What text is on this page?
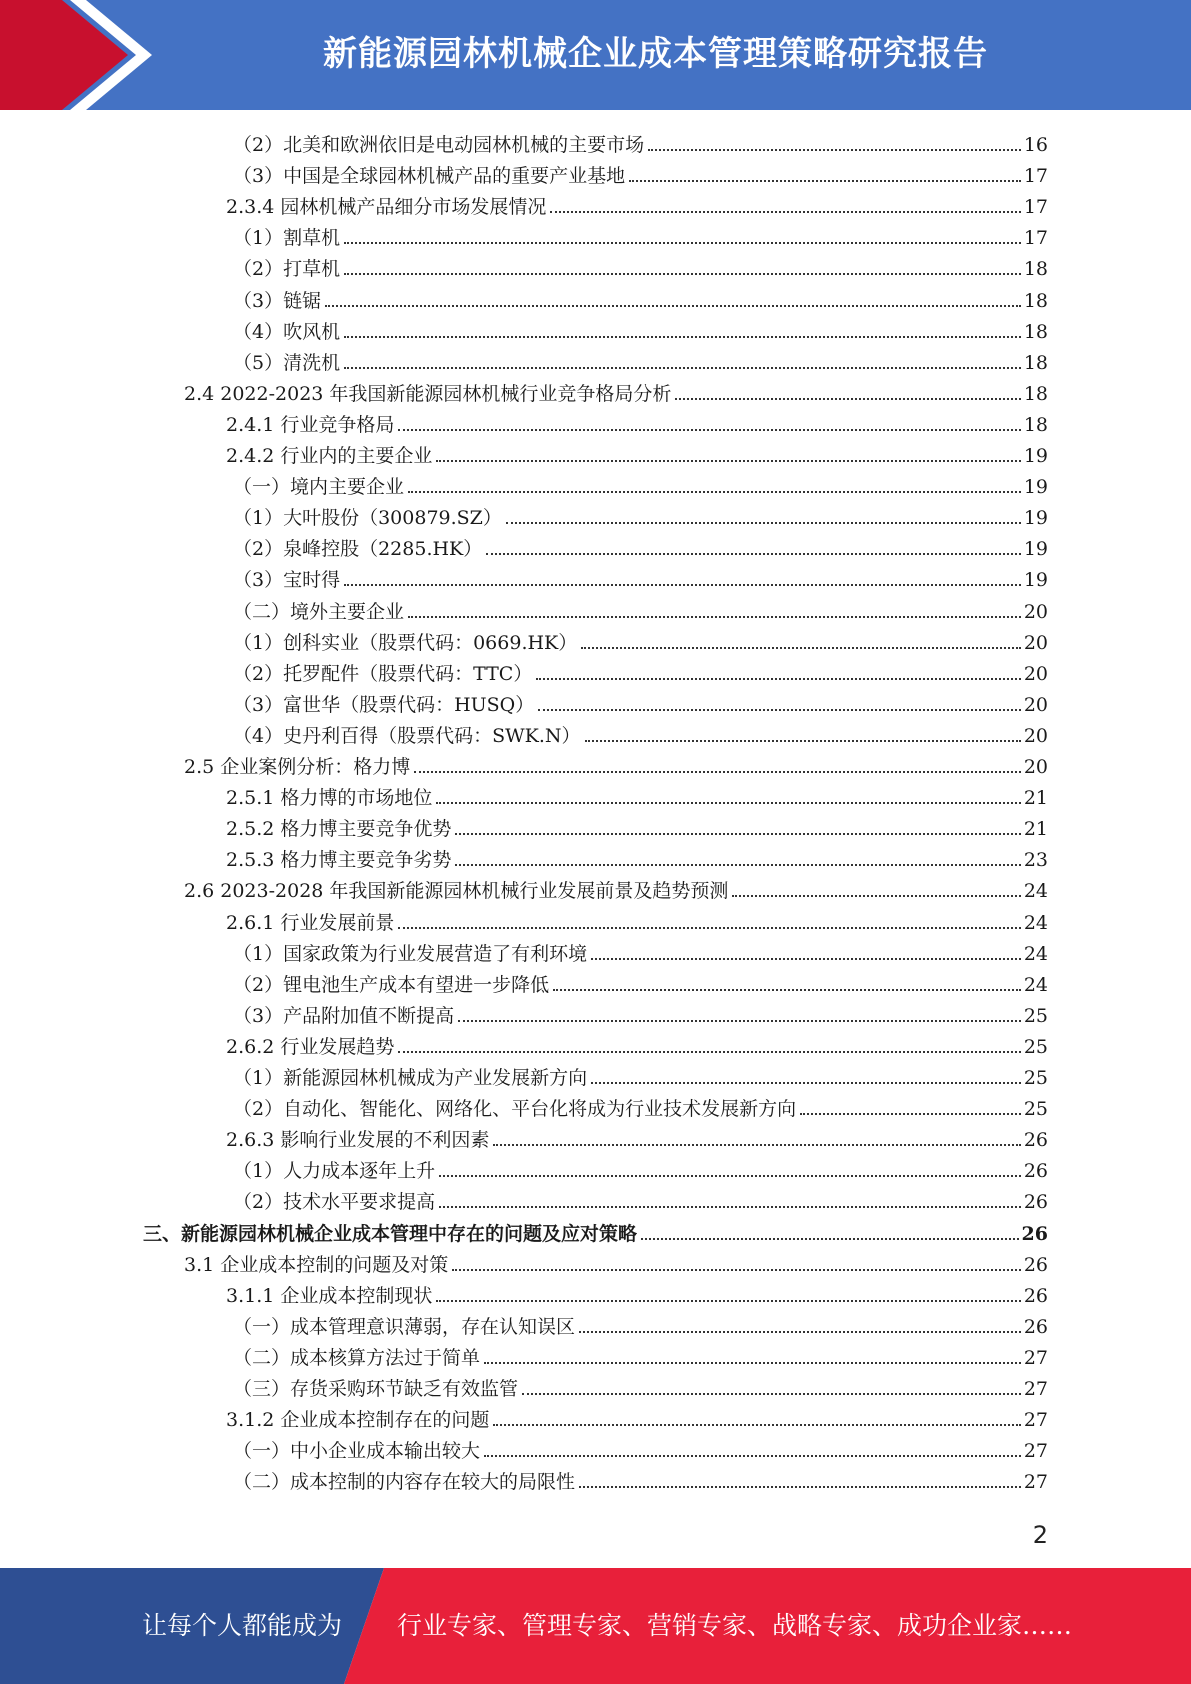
新能源园林机械企业成本管理策略研究报告
（2）北美和欧洲依旧是电动园林机械的主要市场	16
（3）中国是全球园林机械产品的重要产业基地	17
2.3.4 园林机械产品细分市场发展情况	17
（1）割草机	17
（2）打草机	18
（3）链锯	18
（4）吹风机	18
（5）清洗机	18
2.4 2022-2023 年我国新能源园林机械行业竞争格局分析	18
2.4.1 行业竞争格局	18
2.4.2 行业内的主要企业	19
（一）境内主要企业	19
（1）大叶股份（300879.SZ）	19
（2）泉峰控股（2285.HK）	19
（3）宝时得	19
（二）境外主要企业	20
（1）创科实业（股票代码：0669.HK）	20
（2）托罗配件（股票代码：TTC）	20
（3）富世华（股票代码：HUSQ）	20
（4）史丹利百得（股票代码：SWK.N）	20
2.5 企业案例分析：格力博	20
2.5.1 格力博的市场地位	21
2.5.2 格力博主要竞争优势	21
2.5.3 格力博主要竞争劣势	23
2.6 2023-2028 年我国新能源园林机械行业发展前景及趋势预测	24
2.6.1 行业发展前景	24
（1）国家政策为行业发展营造了有利环境	24
（2）锂电池生产成本有望进一步降低	24
（3）产品附加值不断提高	25
2.6.2 行业发展趋势	25
（1）新能源园林机械成为产业发展新方向	25
（2）自动化、智能化、网络化、平台化将成为行业技术发展新方向	25
2.6.3 影响行业发展的不利因素	26
（1）人力成本逐年上升	26
（2）技术水平要求提高	26
三、新能源园林机械企业成本管理中存在的问题及应对策略	26
3.1 企业成本控制的问题及对策	26
3.1.1 企业成本控制现状	26
（一）成本管理意识薄弱，存在认知误区	26
（二）成本核算方法过于简单	27
（三）存货采购环节缺乏有效监管	27
3.1.2 企业成本控制存在的问题	27
（一）中小企业成本输出较大	27
（二）成本控制的内容存在较大的局限性	27
2
让每个人都能成为 行业专家、管理专家、营销专家、战略专家、成功企业家……
